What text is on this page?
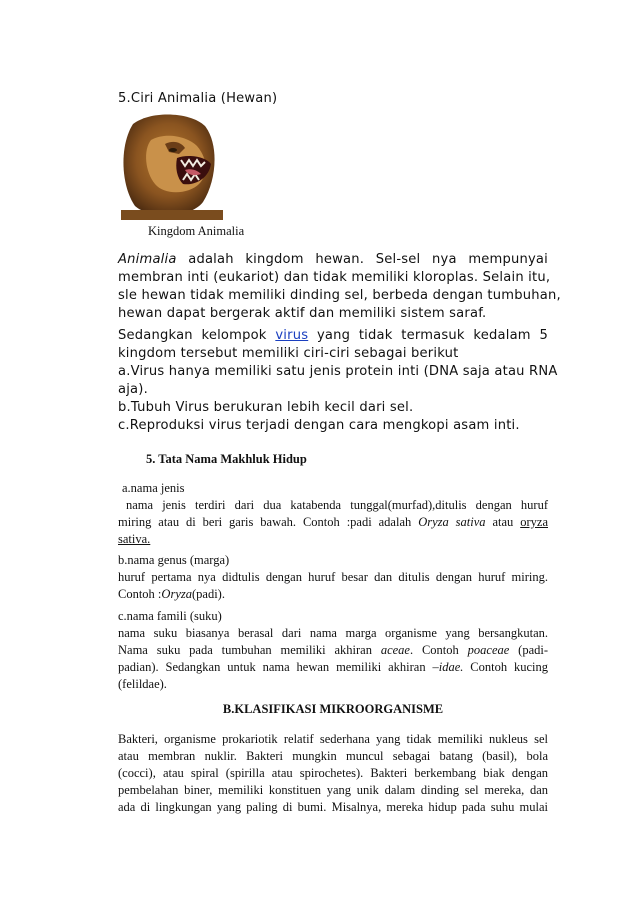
5.Ciri Animalia (Hewan)
Kingdom Animalia

Animalia adalah kingdom hewan. Sel-sel nya mempunyai
membran inti (eukariot) dan tidak memiliki kloroplas. Selain itu,
sle hewan tidak memiliki dinding sel, berbeda dengan tumbuhan,
hewan dapat bergerak aktif dan memiliki sistem saraf.

Sedangkan kelompok virus yang tidak termasuk kedalam 5
kingdom tersebut memiliki ciri-ciri sebagai berikut
a.Virus hanya memiliki satu jenis protein inti (DNA saja atau RNA
aja).
b.Tubuh Virus berukuran lebih kecil dari sel.
c.Reproduksi virus terjadi dengan cara mengkopi asam inti.

5. Tata Nama Makhluk Hidup

a.nama jenis
nama jenis terdiri dari dua katabenda tunggal(murfad),ditulis dengan huruf
miring atau di beri garis bawah. Contoh :padi adalah Oryza sativa atau oryza
sativa.

b.nama genus (marga)
huruf pertama nya didtulis dengan huruf besar dan ditulis dengan huruf miring.
Contoh :Oryza(padi).

c.nama famili (suku)
nama suku biasanya berasal dari nama marga organisme yang bersangkutan.
Nama suku pada tumbuhan memiliki akhiran aceae. Contoh poaceae (padi-
padian). Sedangkan untuk nama hewan memiliki akhiran –idae. Contoh kucing
(felildae).

B.KLASIFIKASI MIKROORGANISME

Bakteri, organisme prokariotik relatif sederhana yang tidak memiliki nukleus sel
atau membran nuklir. Bakteri mungkin muncul sebagai batang (basil), bola
(cocci), atau spiral (spirilla atau spirochetes). Bakteri berkembang biak dengan
pembelahan biner, memiliki konstituen yang unik dalam dinding sel mereka, dan
ada di lingkungan yang paling di bumi. Misalnya, mereka hidup pada suhu mulai
